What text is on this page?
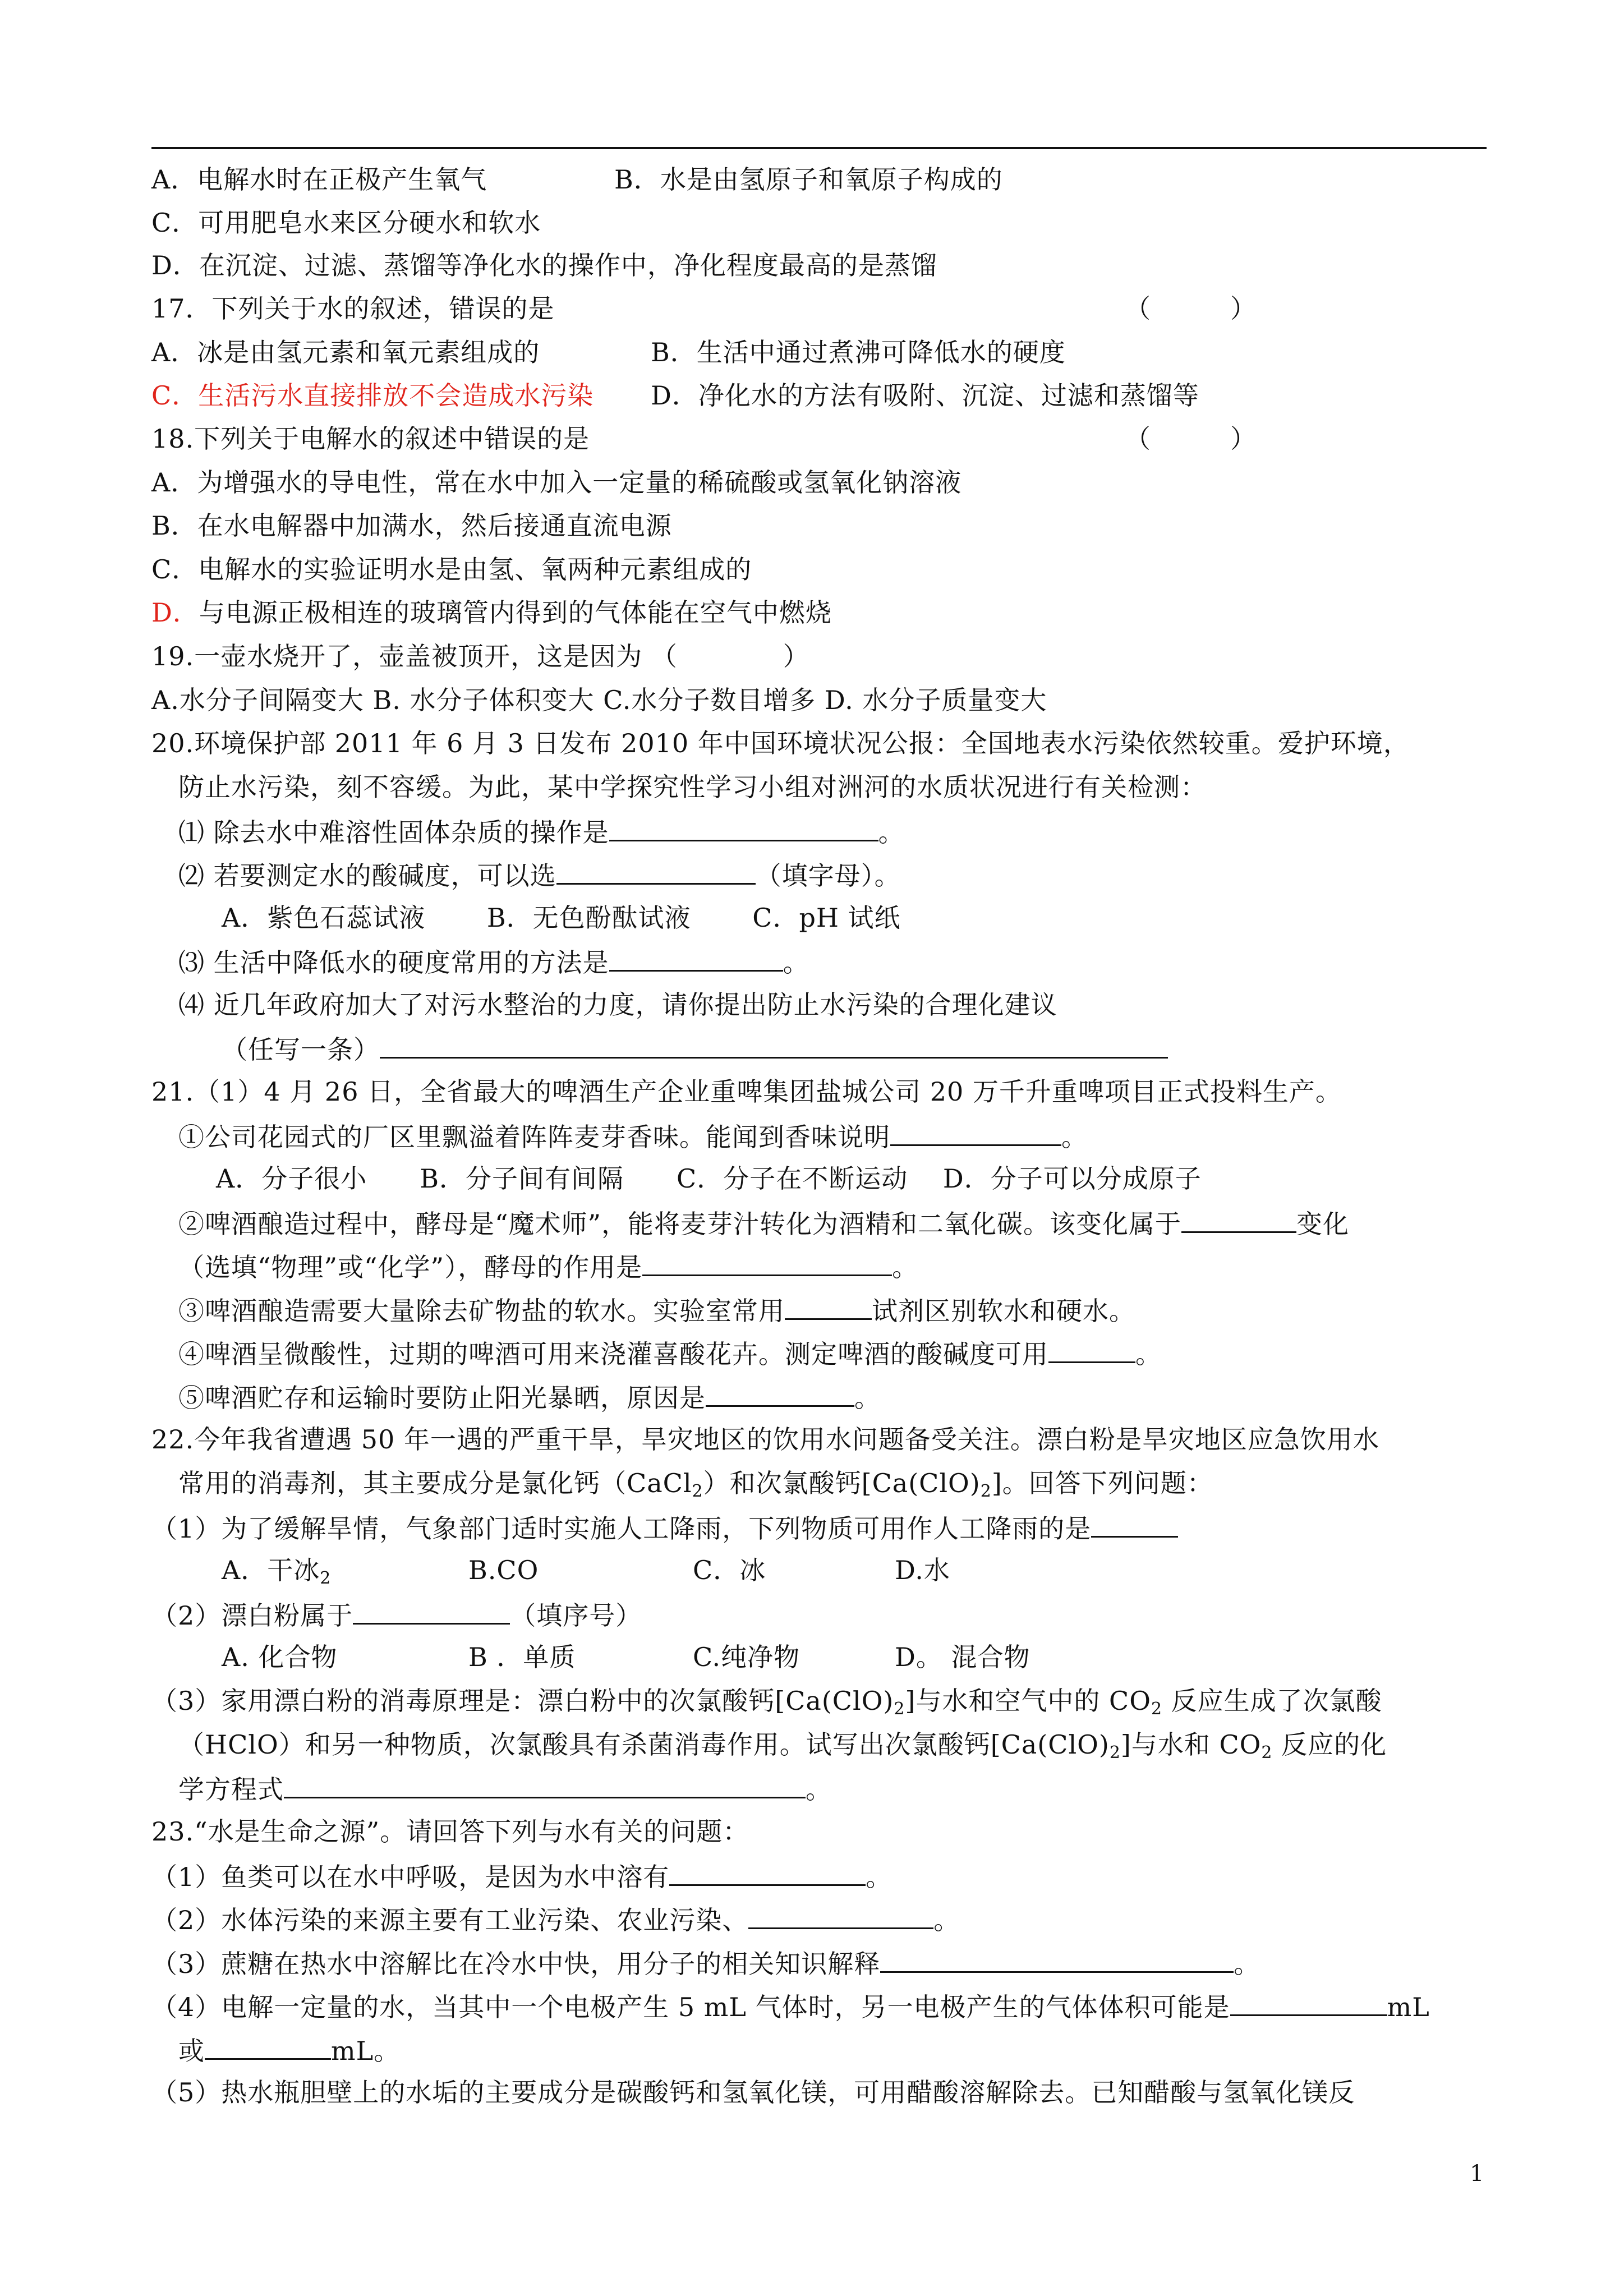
A．电解水时在正极产生氧气	B．水是由氢原子和氧原子构成的
C．可用肥皂水来区分硬水和软水
D．在沉淀、过滤、蒸馏等净化水的操作中，净化程度最高的是蒸馏
17．下列关于水的叙述，错误的是	（　　　）
A．冰是由氢元素和氧元素组成的	B．生活中通过煮沸可降低水的硬度
C．生活污水直接排放不会造成水污染 D．净化水的方法有吸附、沉淀、过滤和蒸馏等
18.下列关于电解水的叙述中错误的是	（　　　）
A．为增强水的导电性，常在水中加入一定量的稀硫酸或氢氧化钠溶液
B．在水电解器中加满水，然后接通直流电源
C．电解水的实验证明水是由氢、氧两种元素组成的
D．与电源正极相连的玻璃管内得到的气体能在空气中燃烧
19.一壶水烧开了，壶盖被顶开，这是因为 （　　　　）
A.水分子间隔变大 B. 水分子体积变大 C.水分子数目增多 D. 水分子质量变大
20.环境保护部 2011 年 6 月 3 日发布 2010 年中国环境状况公报：全国地表水污染依然较重。爱护环境，
防止水污染，刻不容缓。为此，某中学探究性学习小组对洲河的水质状况进行有关检测：
⑴ 除去水中难溶性固体杂质的操作是	。
⑵ 若要测定水的酸碱度，可以选	（填字母）。
A．紫色石蕊试液　　 B．无色酚酞试液　　 C．pH 试纸
⑶ 生活中降低水的硬度常用的方法是	。
⑷ 近几年政府加大了对污水整治的力度，请你提出防止水污染的合理化建议
（任写一条）
21.（1）4 月 26 日，全省最大的啤酒生产企业重啤集团盐城公司 20 万千升重啤项目正式投料生产。
①公司花园式的厂区里飘溢着阵阵麦芽香味。能闻到香味说明	。
A．分子很小　　B．分子间有间隔　　C．分子在不断运动　 D．分子可以分成原子
②啤酒酿造过程中，酵母是“魔术师”，能将麦芽汁转化为酒精和二氧化碳。该变化属于	变化
（选填“物理”或“化学”），酵母的作用是	。
③啤酒酿造需要大量除去矿物盐的软水。实验室常用	试剂区别软水和硬水。
④啤酒呈微酸性，过期的啤酒可用来浇灌喜酸花卉。测定啤酒的酸碱度可用	。
⑤啤酒贮存和运输时要防止阳光暴晒，原因是	。
22.今年我省遭遇 50 年一遇的严重干旱，旱灾地区的饮用水问题备受关注。漂白粉是旱灾地区应急饮用水
常用的消毒剂，其主要成分是氯化钙（CaCl$_2$）和次氯酸钙$[Ca(ClO)_2]$。回答下列问题：
（1）为了缓解旱情，气象部门适时实施人工降雨，下列物质可用作人工降雨的是
A．干冰	B.CO
$_2$	C．冰	D.水
（2）漂白粉属于	（填序号）
A. 化合物	B ．单质	C.纯净物	D。 混合物
（3）家用漂白粉的消毒原理是：漂白粉中的次氯酸钙$[Ca(ClO)_2]$与水和空气中的 $CO_2$ 反应生成了次氯酸
（HClO）和另一种物质，次氯酸具有杀菌消毒作用。试写出次氯酸钙$[Ca(ClO)_2]$与水和 $CO_2$ 反应的化
学方程式	。
23.“水是生命之源”。请回答下列与水有关的问题：
（1）鱼类可以在水中呼吸，是因为水中溶有	。
（2）水体污染的来源主要有工业污染、农业污染、	。
（3）蔗糖在热水中溶解比在冷水中快，用分子的相关知识解释	。
（4）电解一定量的水，当其中一个电极产生 5 mL 气体时，另一电极产生的气体体积可能是	mL
或	mL。
（5）热水瓶胆壁上的水垢的主要成分是碳酸钙和氢氧化镁，可用醋酸溶解除去。已知醋酸与氢氧化镁反
1
